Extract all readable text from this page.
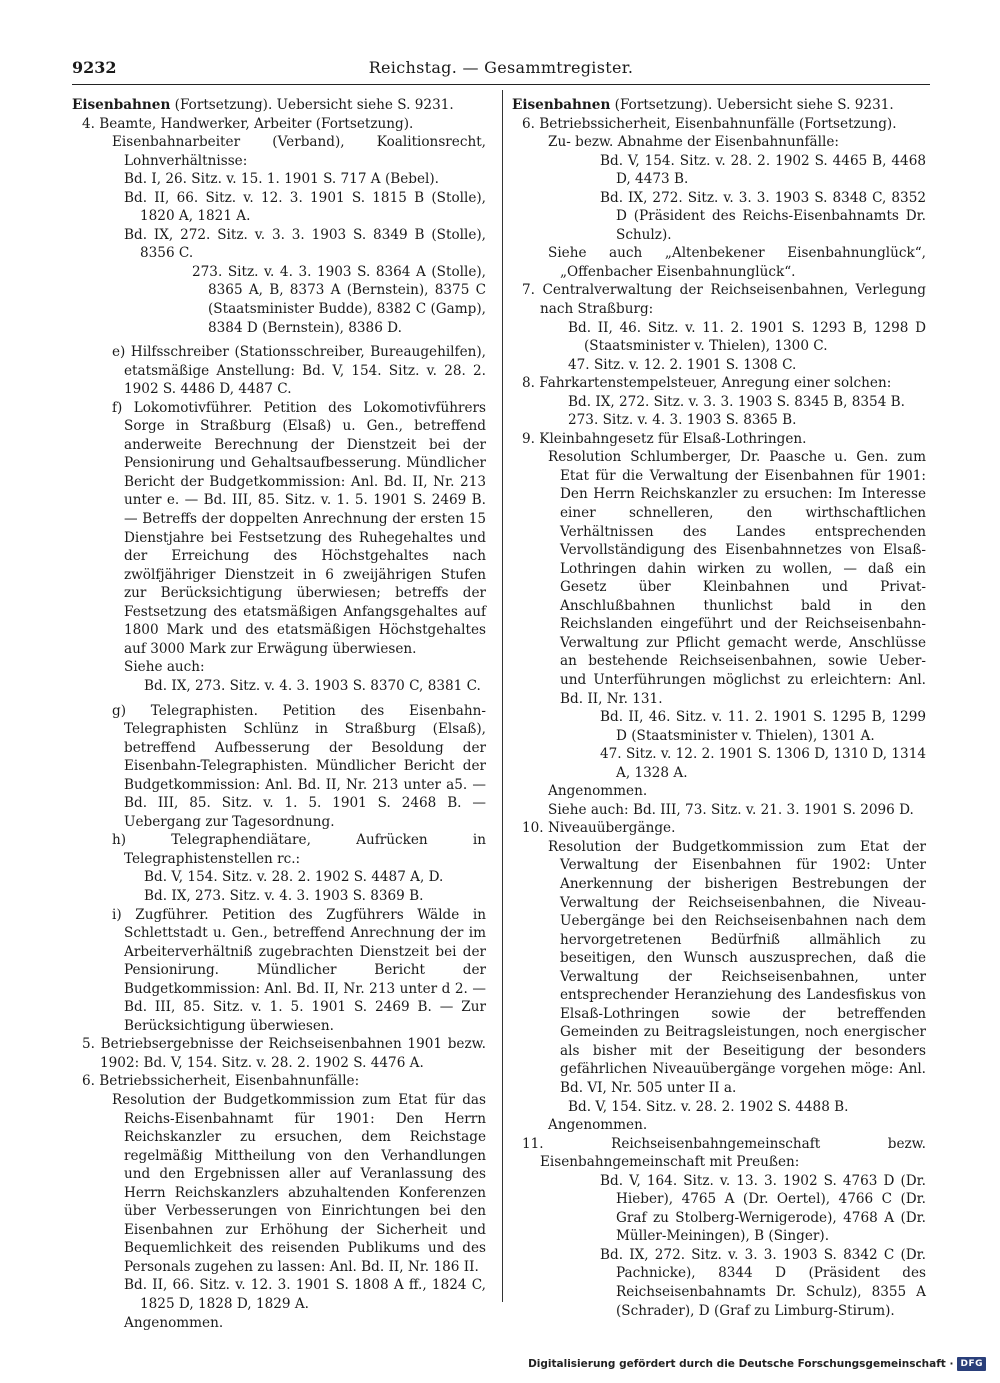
9232	Reichstag. — Gesammtregister.

Eisenbahnen (Fortsetzung). Uebersicht siehe S. 9231.

4. Beamte, Handwerker, Arbeiter (Fortsetzung).

Eisenbahnarbeiter (Verband), Koalitionsrecht, Lohnverhältnisse:

Bd. I, 26. Sitz. v. 15. 1. 1901 S. 717 A (Bebel).

Bd. II, 66. Sitz. v. 12. 3. 1901 S. 1815 B (Stolle), 1820 A, 1821 A.

Bd. IX, 272. Sitz. v. 3. 3. 1903 S. 8349 B (Stolle), 8356 C.

273. Sitz. v. 4. 3. 1903 S. 8364 A (Stolle), 8365 A, B, 8373 A (Bernstein), 8375 C (Staatsminister Budde), 8382 C (Gamp), 8384 D (Bernstein), 8386 D.

e) Hilfsschreiber (Stationsschreiber, Bureaugehilfen), etatsmäßige Anstellung: Bd. V, 154. Sitz. v. 28. 2. 1902 S. 4486 D, 4487 C.

f) Lokomotivführer. Petition des Lokomotivführers Sorge in Straßburg (Elsaß) u. Gen., betreffend anderweite Berechnung der Dienstzeit bei der Pensionirung und Gehaltsaufbesserung. Mündlicher Bericht der Budgetkommission: Anl. Bd. II, Nr. 213 unter e. — Bd. III, 85. Sitz. v. 1. 5. 1901 S. 2469 B. — Betreffs der doppelten Anrechnung der ersten 15 Dienstjahre bei Festsetzung des Ruhegehaltes und der Erreichung des Höchstgehaltes nach zwölfjähriger Dienstzeit in 6 zweijährigen Stufen zur Berücksichtigung überwiesen; betreffs der Festsetzung des etatsmäßigen Anfangsgehaltes auf 1800 Mark und des etatsmäßigen Höchstgehaltes auf 3000 Mark zur Erwägung überwiesen.

Siehe auch:

Bd. IX, 273. Sitz. v. 4. 3. 1903 S. 8370 C, 8381 C.

g) Telegraphisten. Petition des Eisenbahn-Telegraphisten Schlünz in Straßburg (Elsaß), betreffend Aufbesserung der Besoldung der Eisenbahn-Telegraphisten. Mündlicher Bericht der Budgetkommission: Anl. Bd. II, Nr. 213 unter a5. — Bd. III, 85. Sitz. v. 1. 5. 1901 S. 2468 B. — Uebergang zur Tagesordnung.

h) Telegraphendiätare, Aufrücken in Telegraphistenstellen rc.:

Bd. V, 154. Sitz. v. 28. 2. 1902 S. 4487 A, D.

Bd. IX, 273. Sitz. v. 4. 3. 1903 S. 8369 B.

i) Zugführer. Petition des Zugführers Wälde in Schlettstadt u. Gen., betreffend Anrechnung der im Arbeiterverhältniß zugebrachten Dienstzeit bei der Pensionirung. Mündlicher Bericht der Budgetkommission: Anl. Bd. II, Nr. 213 unter d 2. — Bd. III, 85. Sitz. v. 1. 5. 1901 S. 2469 B. — Zur Berücksichtigung überwiesen.

5. Betriebsergebnisse der Reichseisenbahnen 1901 bezw. 1902: Bd. V, 154. Sitz. v. 28. 2. 1902 S. 4476 A.

6. Betriebssicherheit, Eisenbahnunfälle:

Resolution der Budgetkommission zum Etat für das Reichs-Eisenbahnamt für 1901: Den Herrn Reichskanzler zu ersuchen, dem Reichstage regelmäßig Mittheilung von den Verhandlungen und den Ergebnissen aller auf Veranlassung des Herrn Reichskanzlers abzuhaltenden Konferenzen über Verbesserungen von Einrichtungen bei den Eisenbahnen zur Erhöhung der Sicherheit und Bequemlichkeit des reisenden Publikums und des Personals zugehen zu lassen: Anl. Bd. II, Nr. 186 II.

Bd. II, 66. Sitz. v. 12. 3. 1901 S. 1808 A ff., 1824 C, 1825 D, 1828 D, 1829 A.

Angenommen.

Eisenbahnen (Fortsetzung). Uebersicht siehe S. 9231.

6. Betriebssicherheit, Eisenbahnunfälle (Fortsetzung).

Zu- bezw. Abnahme der Eisenbahnunfälle:

Bd. V, 154. Sitz. v. 28. 2. 1902 S. 4465 B, 4468 D, 4473 B.

Bd. IX, 272. Sitz. v. 3. 3. 1903 S. 8348 C, 8352 D (Präsident des Reichs-Eisenbahnamts Dr. Schulz).

Siehe auch „Altenbekener Eisenbahnunglück“, „Offenbacher Eisenbahnunglück“.

7. Centralverwaltung der Reichseisenbahnen, Verlegung nach Straßburg:

Bd. II, 46. Sitz. v. 11. 2. 1901 S. 1293 B, 1298 D (Staatsminister v. Thielen), 1300 C.

47. Sitz. v. 12. 2. 1901 S. 1308 C.

8. Fahrkartenstempelsteuer, Anregung einer solchen:

Bd. IX, 272. Sitz. v. 3. 3. 1903 S. 8345 B, 8354 B.

273. Sitz. v. 4. 3. 1903 S. 8365 B.

9. Kleinbahngesetz für Elsaß-Lothringen.

Resolution Schlumberger, Dr. Paasche u. Gen. zum Etat für die Verwaltung der Eisenbahnen für 1901: Den Herrn Reichskanzler zu ersuchen: Im Interesse einer schnelleren, den wirthschaftlichen Verhältnissen des Landes entsprechenden Vervollständigung des Eisenbahnnetzes von Elsaß-Lothringen dahin wirken zu wollen, — daß ein Gesetz über Kleinbahnen und Privat-Anschlußbahnen thunlichst bald in den Reichslanden eingeführt und der Reichseisenbahn-Verwaltung zur Pflicht gemacht werde, Anschlüsse an bestehende Reichseisenbahnen, sowie Ueber- und Unterführungen möglichst zu erleichtern: Anl. Bd. II, Nr. 131.

Bd. II, 46. Sitz. v. 11. 2. 1901 S. 1295 B, 1299 D (Staatsminister v. Thielen), 1301 A.

47. Sitz. v. 12. 2. 1901 S. 1306 D, 1310 D, 1314 A, 1328 A.

Angenommen.

Siehe auch: Bd. III, 73. Sitz. v. 21. 3. 1901 S. 2096 D.

10. Niveauübergänge.

Resolution der Budgetkommission zum Etat der Verwaltung der Eisenbahnen für 1902: Unter Anerkennung der bisherigen Bestrebungen der Verwaltung der Reichseisenbahnen, die Niveau-Uebergänge bei den Reichseisenbahnen nach dem hervorgetretenen Bedürfniß allmählich zu beseitigen, den Wunsch auszusprechen, daß die Verwaltung der Reichseisenbahnen, unter entsprechender Heranziehung des Landesfiskus von Elsaß-Lothringen sowie der betreffenden Gemeinden zu Beitragsleistungen, noch energischer als bisher mit der Beseitigung der besonders gefährlichen Niveauübergänge vorgehen möge: Anl. Bd. VI, Nr. 505 unter II a.

Bd. V, 154. Sitz. v. 28. 2. 1902 S. 4488 B.

Angenommen.

11. Reichseisenbahngemeinschaft bezw. Eisenbahngemeinschaft mit Preußen:

Bd. V, 164. Sitz. v. 13. 3. 1902 S. 4763 D (Dr. Hieber), 4765 A (Dr. Oertel), 4766 C (Dr. Graf zu Stolberg-Wernigerode), 4768 A (Dr. Müller-Meiningen), B (Singer).

Bd. IX, 272. Sitz. v. 3. 3. 1903 S. 8342 C (Dr. Pachnicke), 8344 D (Präsident des Reichseisenbahnamts Dr. Schulz), 8355 A (Schrader), D (Graf zu Limburg-Stirum).

Digitalisierung gefördert durch die Deutsche Forschungsgemeinschaft · DFG
